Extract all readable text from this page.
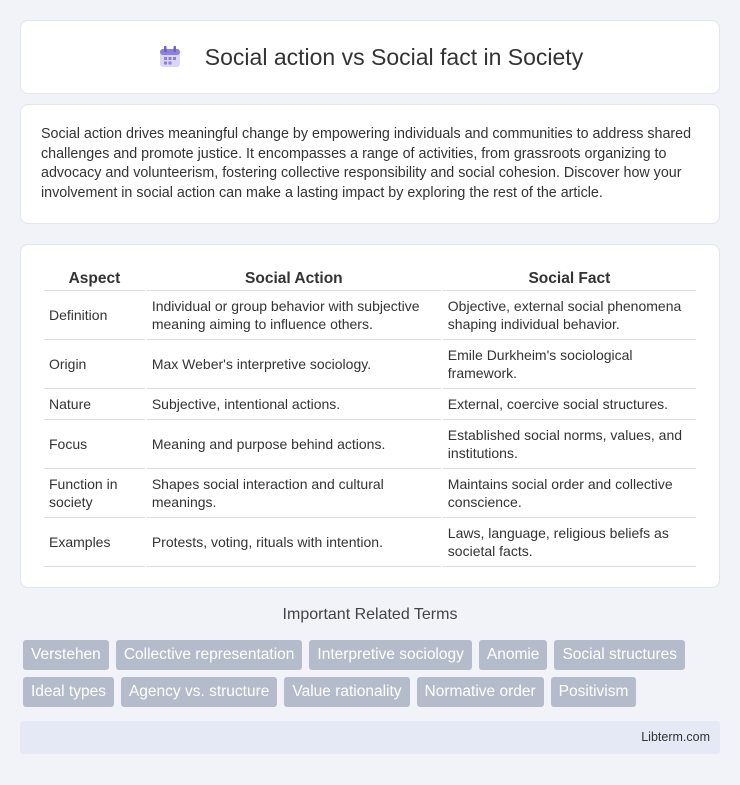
Social action vs Social fact in Society

Social action drives meaningful change by empowering individuals and communities to address shared challenges and promote justice. It encompasses a range of activities, from grassroots organizing to advocacy and volunteerism, fostering collective responsibility and social cohesion. Discover how your involvement in social action can make a lasting impact by exploring the rest of the article.

Aspect	Social Action	Social Fact
Definition	Individual or group behavior with subjective meaning aiming to influence others.	Objective, external social phenomena shaping individual behavior.
Origin	Max Weber's interpretive sociology.	Emile Durkheim's sociological framework.
Nature	Subjective, intentional actions.	External, coercive social structures.
Focus	Meaning and purpose behind actions.	Established social norms, values, and institutions.
Function in society	Shapes social interaction and cultural meanings.	Maintains social order and collective conscience.
Examples	Protests, voting, rituals with intention.	Laws, language, religious beliefs as societal facts.
Important Related Terms
Verstehen	Collective representation	Interpretive sociology	Anomie	Social structures
Ideal types	Agency vs. structure	Value rationality	Normative order	Positivism
Libterm.com
